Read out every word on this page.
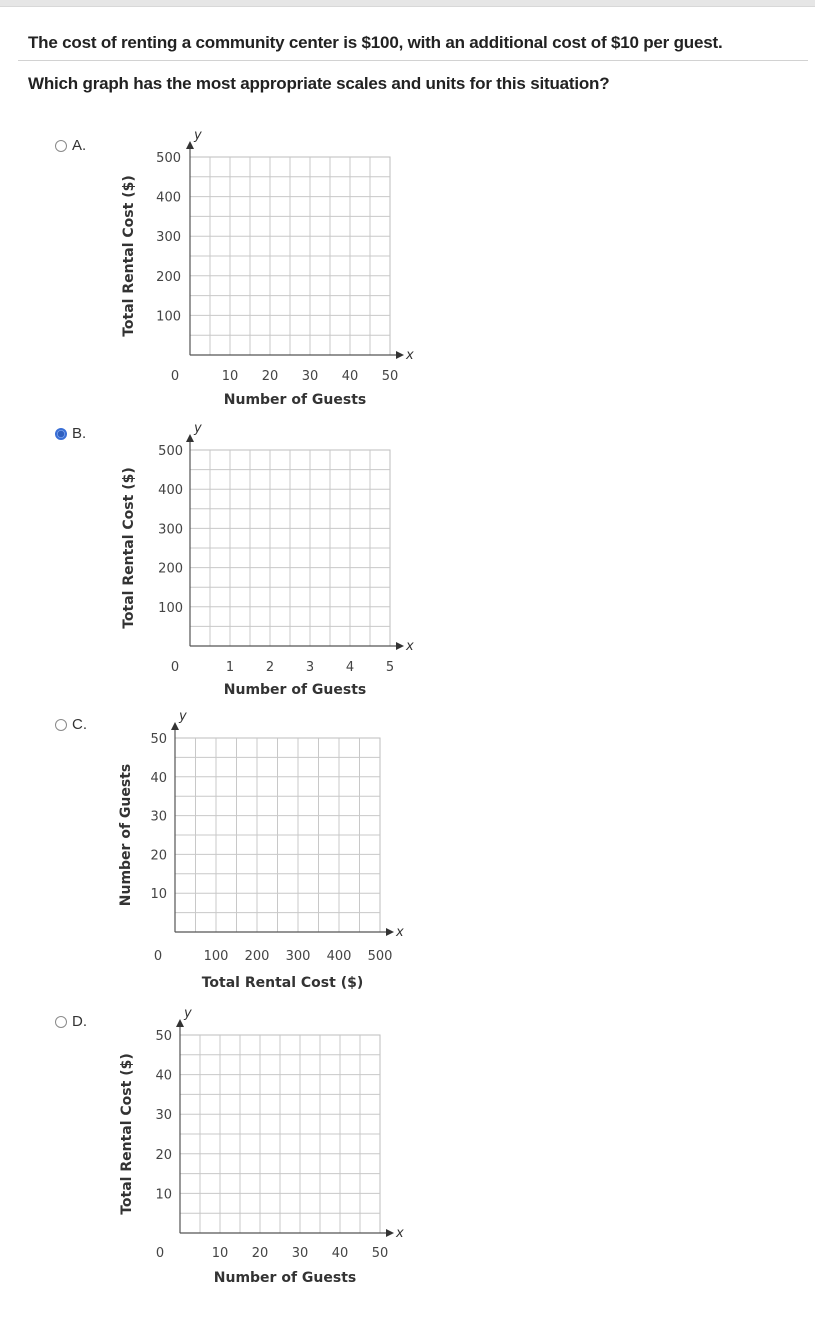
The cost of renting a community center is $100, with an additional cost of $10 per guest.
Which graph has the most appropriate scales and units for this situation?
A.
x
y
100
200
300
400
500
10 20 30 40 50
0
Number of Guests
Total Rental Cost ($)
x
y
100
200
300
400
500
1 2 3 4 5
0
Number of Guests
Total Rental Cost ($)
x
y
10
20
30
40
50
100 200 300 400 500
0
Total Rental Cost ($)
Number of Guests
x
y
10
20
30
40
50
10 20 30 40 50
0
Number of Guests
Total Rental Cost ($)
B.
C.
D.
